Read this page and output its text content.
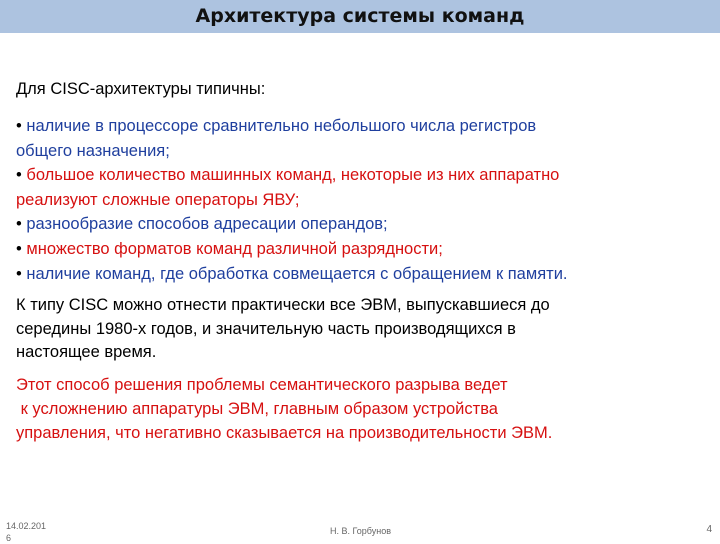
Архитектура системы команд
Для CISC-архитектуры типичны:
• наличие в процессоре сравнительно небольшого числа регистров
общего назначения;
• большое количество машинных команд, некоторые из них аппаратно
реализуют сложные операторы ЯВУ;
• разнообразие способов адресации операндов;
• множество форматов команд различной разрядности;
• наличие команд, где обработка совмещается с обращением к памяти.
К типу CISC можно отнести практически все ЭВМ, выпускавшиеся до
середины 1980-х годов, и значительную часть производящихся в
настоящее время.
Этот способ решения проблемы семантического разрыва ведет
к усложнению аппаратуры ЭВМ, главным образом устройства
управления, что негативно сказывается на производительности ЭВМ.
14.02.201
6
Н. В. Горбунов	4
